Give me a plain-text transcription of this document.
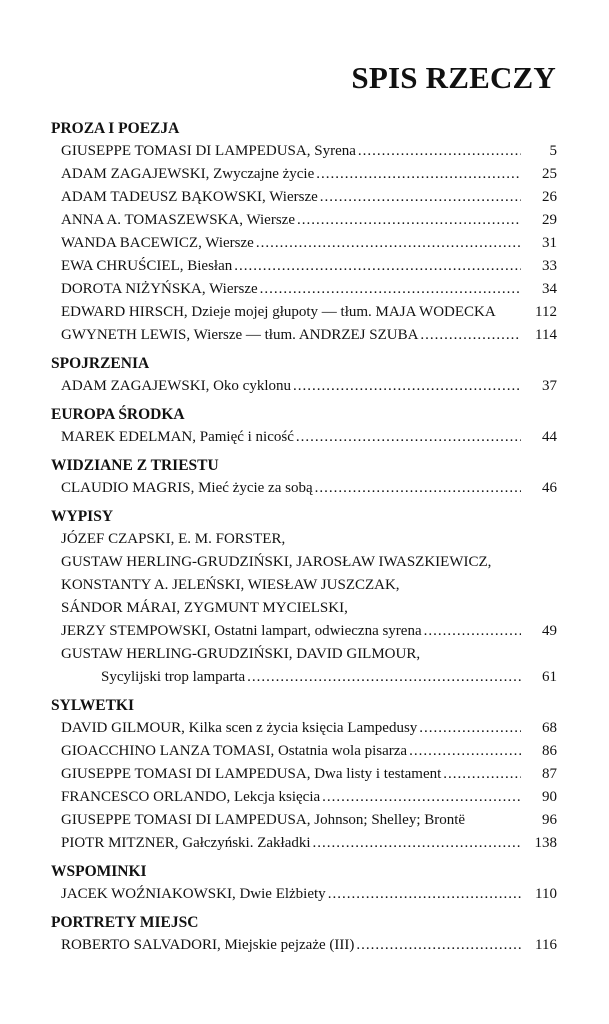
SPIS RZECZY
PROZA I POEZJA
GIUSEPPE TOMASI DI LAMPEDUSA, Syrena .....	5
ADAM ZAGAJEWSKI, Zwyczajne życie .....	25
ADAM TADEUSZ BĄKOWSKI, Wiersze .....	26
ANNA A. TOMASZEWSKA, Wiersze .....	29
WANDA BACEWICZ, Wiersze .....	31
EWA CHRUŚCIEL, Biesłan .....	33
DOROTA NIŻYŃSKA, Wiersze .....	34
EDWARD HIRSCH, Dzieje mojej głupoty — tłum. MAJA WODECKA	112
GWYNETH LEWIS, Wiersze — tłum. ANDRZEJ SZUBA .....	114
SPOJRZENIA
ADAM ZAGAJEWSKI, Oko cyklonu .....	37
EUROPA ŚRODKA
MAREK EDELMAN, Pamięć i nicość .....	44
WIDZIANE Z TRIESTU
CLAUDIO MAGRIS, Mieć życie za sobą .....	46
WYPISY
JÓZEF CZAPSKI, E. M. FORSTER,
GUSTAW HERLING-GRUDZIŃSKI, JAROSŁAW IWASZKIEWICZ,
KONSTANTY A. JELEŃSKI, WIESŁAW JUSZCZAK,
SÁNDOR MÁRAI, ZYGMUNT MYCIELSKI,
JERZY STEMPOWSKI, Ostatni lampart, odwieczna syrena .....	49
GUSTAW HERLING-GRUDZIŃSKI, DAVID GILMOUR,
Sycylijski trop lamparta .....	61
SYLWETKI
DAVID GILMOUR, Kilka scen z życia księcia Lampedusy .....	68
GIOACCHINO LANZA TOMASI, Ostatnia wola pisarza .....	86
GIUSEPPE TOMASI DI LAMPEDUSA, Dwa listy i testament .....	87
FRANCESCO ORLANDO, Lekcja księcia .....	90
GIUSEPPE TOMASI DI LAMPEDUSA, Johnson; Shelley; Brontë	96
PIOTR MITZNER, Gałczyński. Zakładki .....	138
WSPOMINKI
JACEK WOŹNIAKOWSKI, Dwie Elżbiety .....	110
PORTRETY MIEJSC
ROBERTO SALVADORI, Miejskie pejzaże (III) .....	116
